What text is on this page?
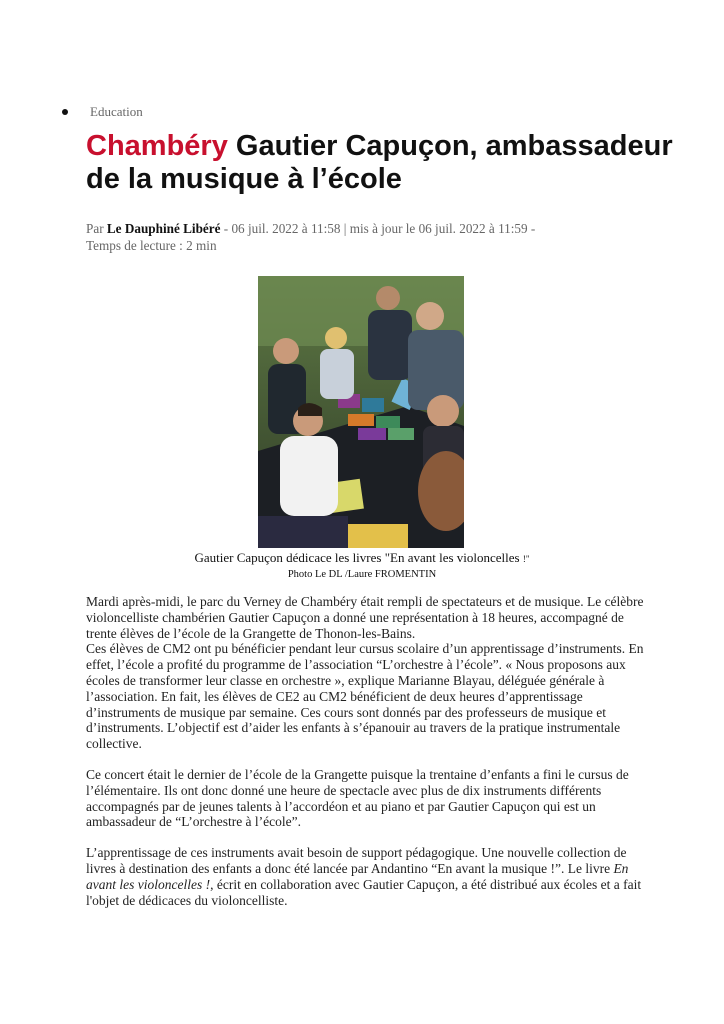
Education
Chambéry Gautier Capuçon, ambassadeur de la musique à l’école
Par Le Dauphiné Libéré - 06 juil. 2022 à 11:58 | mis à jour le 06 juil. 2022 à 11:59 -
Temps de lecture : 2 min
Gautier Capuçon dédicace les livres "En avant les violoncelles !"
Photo Le DL /Laure FROMENTIN

Mardi après-midi, le parc du Verney de Chambéry était rempli de spectateurs et de musique. Le célèbre violoncelliste chambérien Gautier Capuçon a donné une représentation à 18 heures, accompagné de trente élèves de l’école de la Grangette de Thonon-les-Bains.

Ces élèves de CM2 ont pu bénéficier pendant leur cursus scolaire d’un apprentissage d’instruments. En effet, l’école a profité du programme de l’association “L’orchestre à l’école”. « Nous proposons aux écoles de transformer leur classe en orchestre », explique Marianne Blayau, déléguée générale à l’association. En fait, les élèves de CE2 au CM2 bénéficient de deux heures d’apprentissage d’instruments de musique par semaine. Ces cours sont donnés par des professeurs de musique et d’instruments. L’objectif est d’aider les enfants à s’épanouir au travers de la pratique instrumentale collective.

Ce concert était le dernier de l’école de la Grangette puisque la trentaine d’enfants a fini le cursus de l’élémentaire. Ils ont donc donné une heure de spectacle avec plus de dix instruments différents accompagnés par de jeunes talents à l’accordéon et au piano et par Gautier Capuçon qui est un ambassadeur de “L’orchestre à l’école”.

L’apprentissage de ces instruments avait besoin de support pédagogique. Une nouvelle collection de livres à destination des enfants a donc été lancée par Andantino “En avant la musique !”. Le livre En avant les violoncelles !, écrit en collaboration avec Gautier Capuçon, a été distribué aux écoles et a fait l'objet de dédicaces du violoncelliste.
